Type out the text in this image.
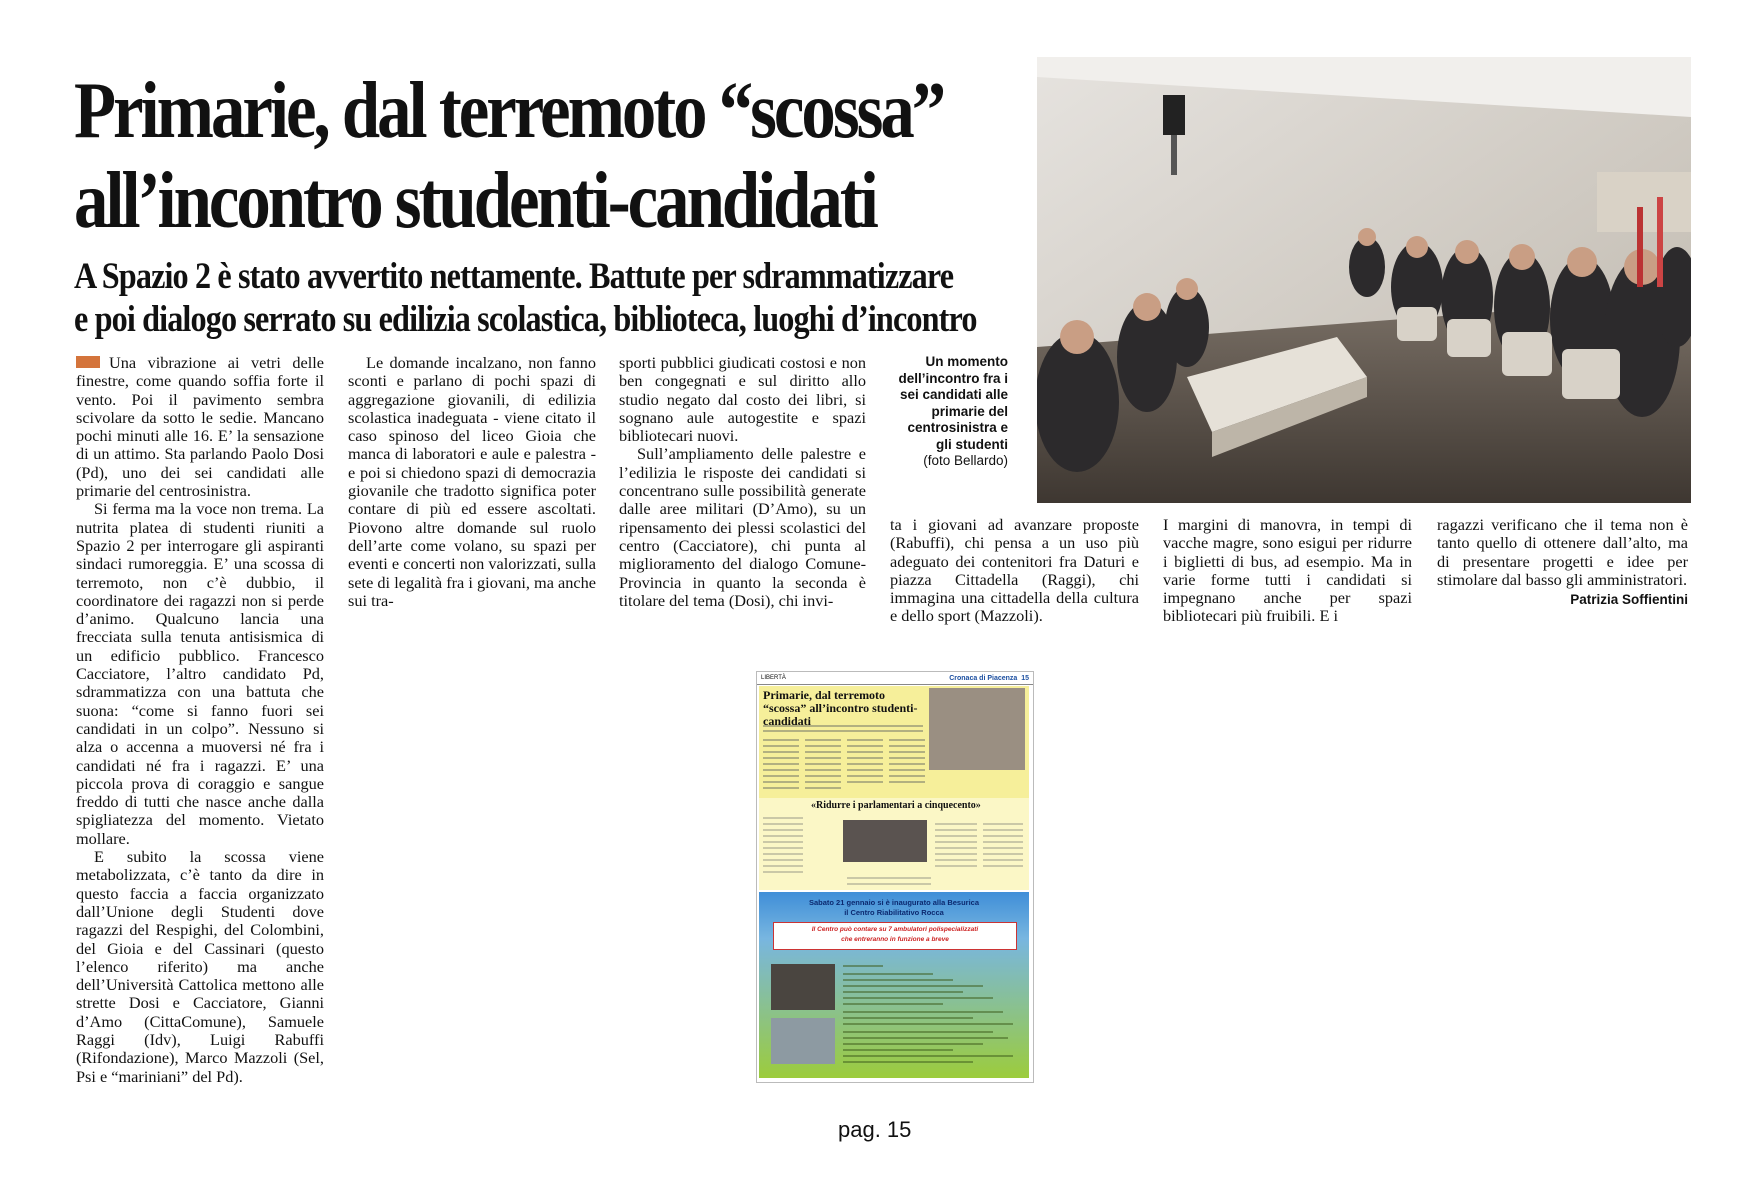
Primarie, dal terremoto “scossa”
all’incontro studenti-candidati
A Spazio 2 è stato avvertito nettamente. Battute per sdrammatizzare
e poi dialogo serrato su edilizia scolastica, biblioteca, luoghi d’incontro

Una vibrazione ai vetri delle finestre, come quando soffia forte il vento. Poi il pavimento sembra scivolare da sotto le sedie. Mancano pochi minuti alle 16. E’ la sensazione di un attimo. Sta parlando Paolo Dosi (Pd), uno dei sei candidati alle primarie del centrosinistra.

Si ferma ma la voce non trema. La nutrita platea di studenti riuniti a Spazio 2 per interrogare gli aspiranti sindaci rumoreggia. E’ una scossa di terremoto, non c’è dubbio, il coordinatore dei ragazzi non si perde d’animo. Qualcuno lancia una frecciata sulla tenuta antisismica di un edificio pubblico. Francesco Cacciatore, l’altro candidato Pd, sdrammatizza con una battuta che suona: “come si fanno fuori sei candidati in un colpo”. Nessuno si alza o accenna a muoversi né fra i candidati né fra i ragazzi. E’ una piccola prova di coraggio e sangue freddo di tutti che nasce anche dalla spigliatezza del momento. Vietato mollare.

E subito la scossa viene metabolizzata, c’è tanto da dire in questo faccia a faccia organizzato dall’Unione degli Studenti dove ragazzi del Respighi, del Colombini, del Gioia e del Cassinari (questo l’elenco riferito) ma anche dell’Università Cattolica mettono alle strette Dosi e Cacciatore, Gianni d’Amo (CittaComune), Samuele Raggi (Idv), Luigi Rabuffi (Rifondazione), Marco Mazzoli (Sel, Psi e “mariniani” del Pd).

Le domande incalzano, non fanno sconti e parlano di pochi spazi di aggregazione giovanili, di edilizia scolastica inadeguata - viene citato il caso spinoso del liceo Gioia che manca di laboratori e aule e palestra - e poi si chiedono spazi di democrazia giovanile che tradotto significa poter contare di più ed essere ascoltati. Piovono altre domande sul ruolo dell’arte come volano, su spazi per eventi e concerti non valorizzati, sulla sete di legalità fra i giovani, ma anche sui tra-

sporti pubblici giudicati costosi e non ben congegnati e sul diritto allo studio negato dal costo dei libri, si sognano aule autogestite e spazi bibliotecari nuovi.

Sull’ampliamento delle palestre e l’edilizia le risposte dei candidati si concentrano sulle possibilità generate dalle aree militari (D’Amo), su un ripensamento dei plessi scolastici del centro (Cacciatore), chi punta al miglioramento del dialogo Comune-Provincia in quanto la seconda è titolare del tema (Dosi), chi invi-

Un momento dell’incontro fra i sei candidati alle primarie del centrosinistra e gli studenti
(foto Bellardo)

ta i giovani ad avanzare proposte (Rabuffi), chi pensa a un uso più adeguato dei contenitori fra Daturi e piazza Cittadella (Raggi), chi immagina una cittadella della cultura e dello sport (Mazzoli).

I margini di manovra, in tempi di vacche magre, sono esigui per ridurre i biglietti di bus, ad esempio. Ma in varie forme tutti i candidati si impegnano anche per spazi bibliotecari più fruibili. E i

ragazzi verificano che il tema non è tanto quello di ottenere dall’alto, ma di presentare progetti e idee per stimolare dal basso gli amministratori.

Patrizia Soffientini
LIBERTÀ	Cronaca di Piacenza 15
Primarie, dal terremoto “scossa” all’incontro studenti-candidati
«Ridurre i parlamentari a cinquecento»
Sabato 21 gennaio si è inaugurato alla Besurica
il Centro Riabilitativo Rocca
Il Centro può contare su 7 ambulatori polispecializzati
che entreranno in funzione a breve
pag. 15
